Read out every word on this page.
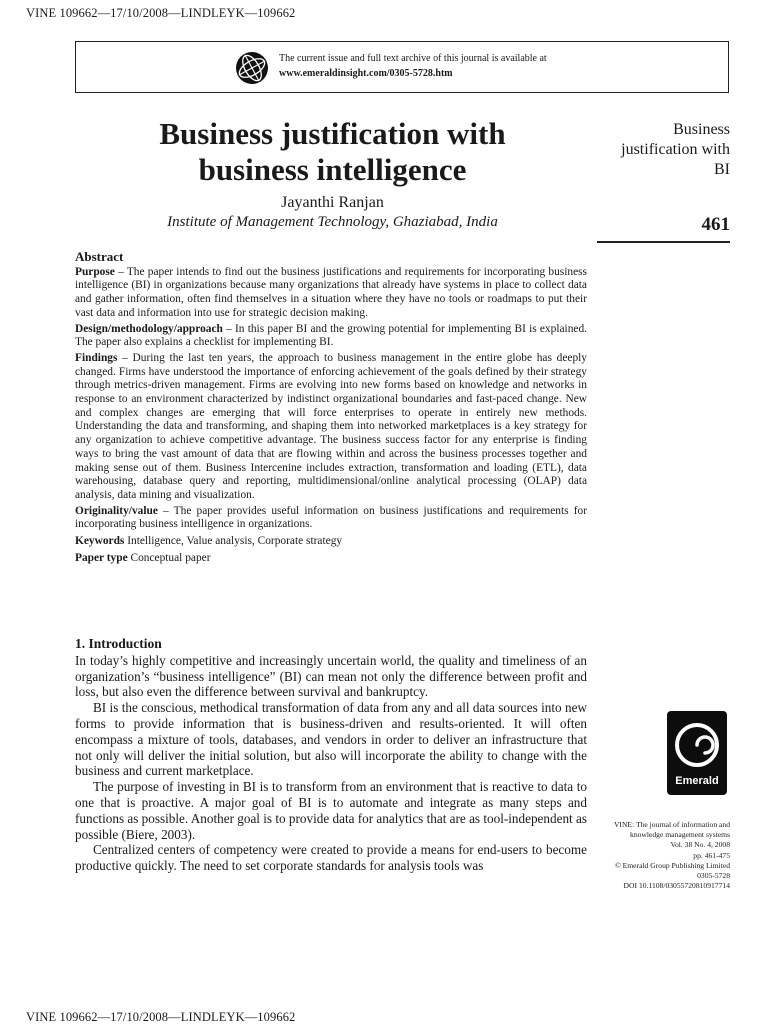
VINE 109662—17/10/2008—LINDLEYK—109662
The current issue and full text archive of this journal is available at
www.emeraldinsight.com/0305-5728.htm
Business justification with
business intelligence
Jayanthi Ranjan
Institute of Management Technology, Ghaziabad, India
Business
justification with
BI
461
Abstract

Purpose – The paper intends to find out the business justifications and requirements for incorporating business intelligence (BI) in organizations because many organizations that already have systems in place to collect data and gather information, often find themselves in a situation where they have no tools or roadmaps to put their vast data and information into use for strategic decision making.

Design/methodology/approach – In this paper BI and the growing potential for implementing BI is explained. The paper also explains a checklist for implementing BI.

Findings – During the last ten years, the approach to business management in the entire globe has deeply changed. Firms have understood the importance of enforcing achievement of the goals defined by their strategy through metrics-driven management. Firms are evolving into new forms based on knowledge and networks in response to an environment characterized by indistinct organizational boundaries and fast-paced change. New and complex changes are emerging that will force enterprises to operate in entirely new methods. Understanding the data and transforming, and shaping them into networked marketplaces is a key strategy for any organization to achieve competitive advantage. The business success factor for any enterprise is finding ways to bring the vast amount of data that are flowing within and across the business processes together and making sense out of them. Business Intercenine includes extraction, transformation and loading (ETL), data warehousing, database query and reporting, multidimensional/online analytical processing (OLAP) data analysis, data mining and visualization.

Originality/value – The paper provides useful information on business justifications and requirements for incorporating business intelligence in organizations.

Keywords Intelligence, Value analysis, Corporate strategy

Paper type Conceptual paper

1. Introduction

In today’s highly competitive and increasingly uncertain world, the quality and timeliness of an organization’s “business intelligence” (BI) can mean not only the difference between profit and loss, but also even the difference between survival and bankruptcy.

BI is the conscious, methodical transformation of data from any and all data sources into new forms to provide information that is business-driven and results-oriented. It will often encompass a mixture of tools, databases, and vendors in order to deliver an infrastructure that not only will deliver the initial solution, but also will incorporate the ability to change with the business and current marketplace.

The purpose of investing in BI is to transform from an environment that is reactive to data to one that is proactive. A major goal of BI is to automate and integrate as many steps and functions as possible. Another goal is to provide data for analytics that are as tool-independent as possible (Biere, 2003).

Centralized centers of competency were created to provide a means for end-users to become productive quickly. The need to set corporate standards for analysis tools was

Emerald
VINE: The journal of information and
knowledge management systems
Vol. 38 No. 4, 2008
pp. 461-475
© Emerald Group Publishing Limited
0305-5728
DOI 10.1108/03055720810917714
VINE 109662—17/10/2008—LINDLEYK—109662
